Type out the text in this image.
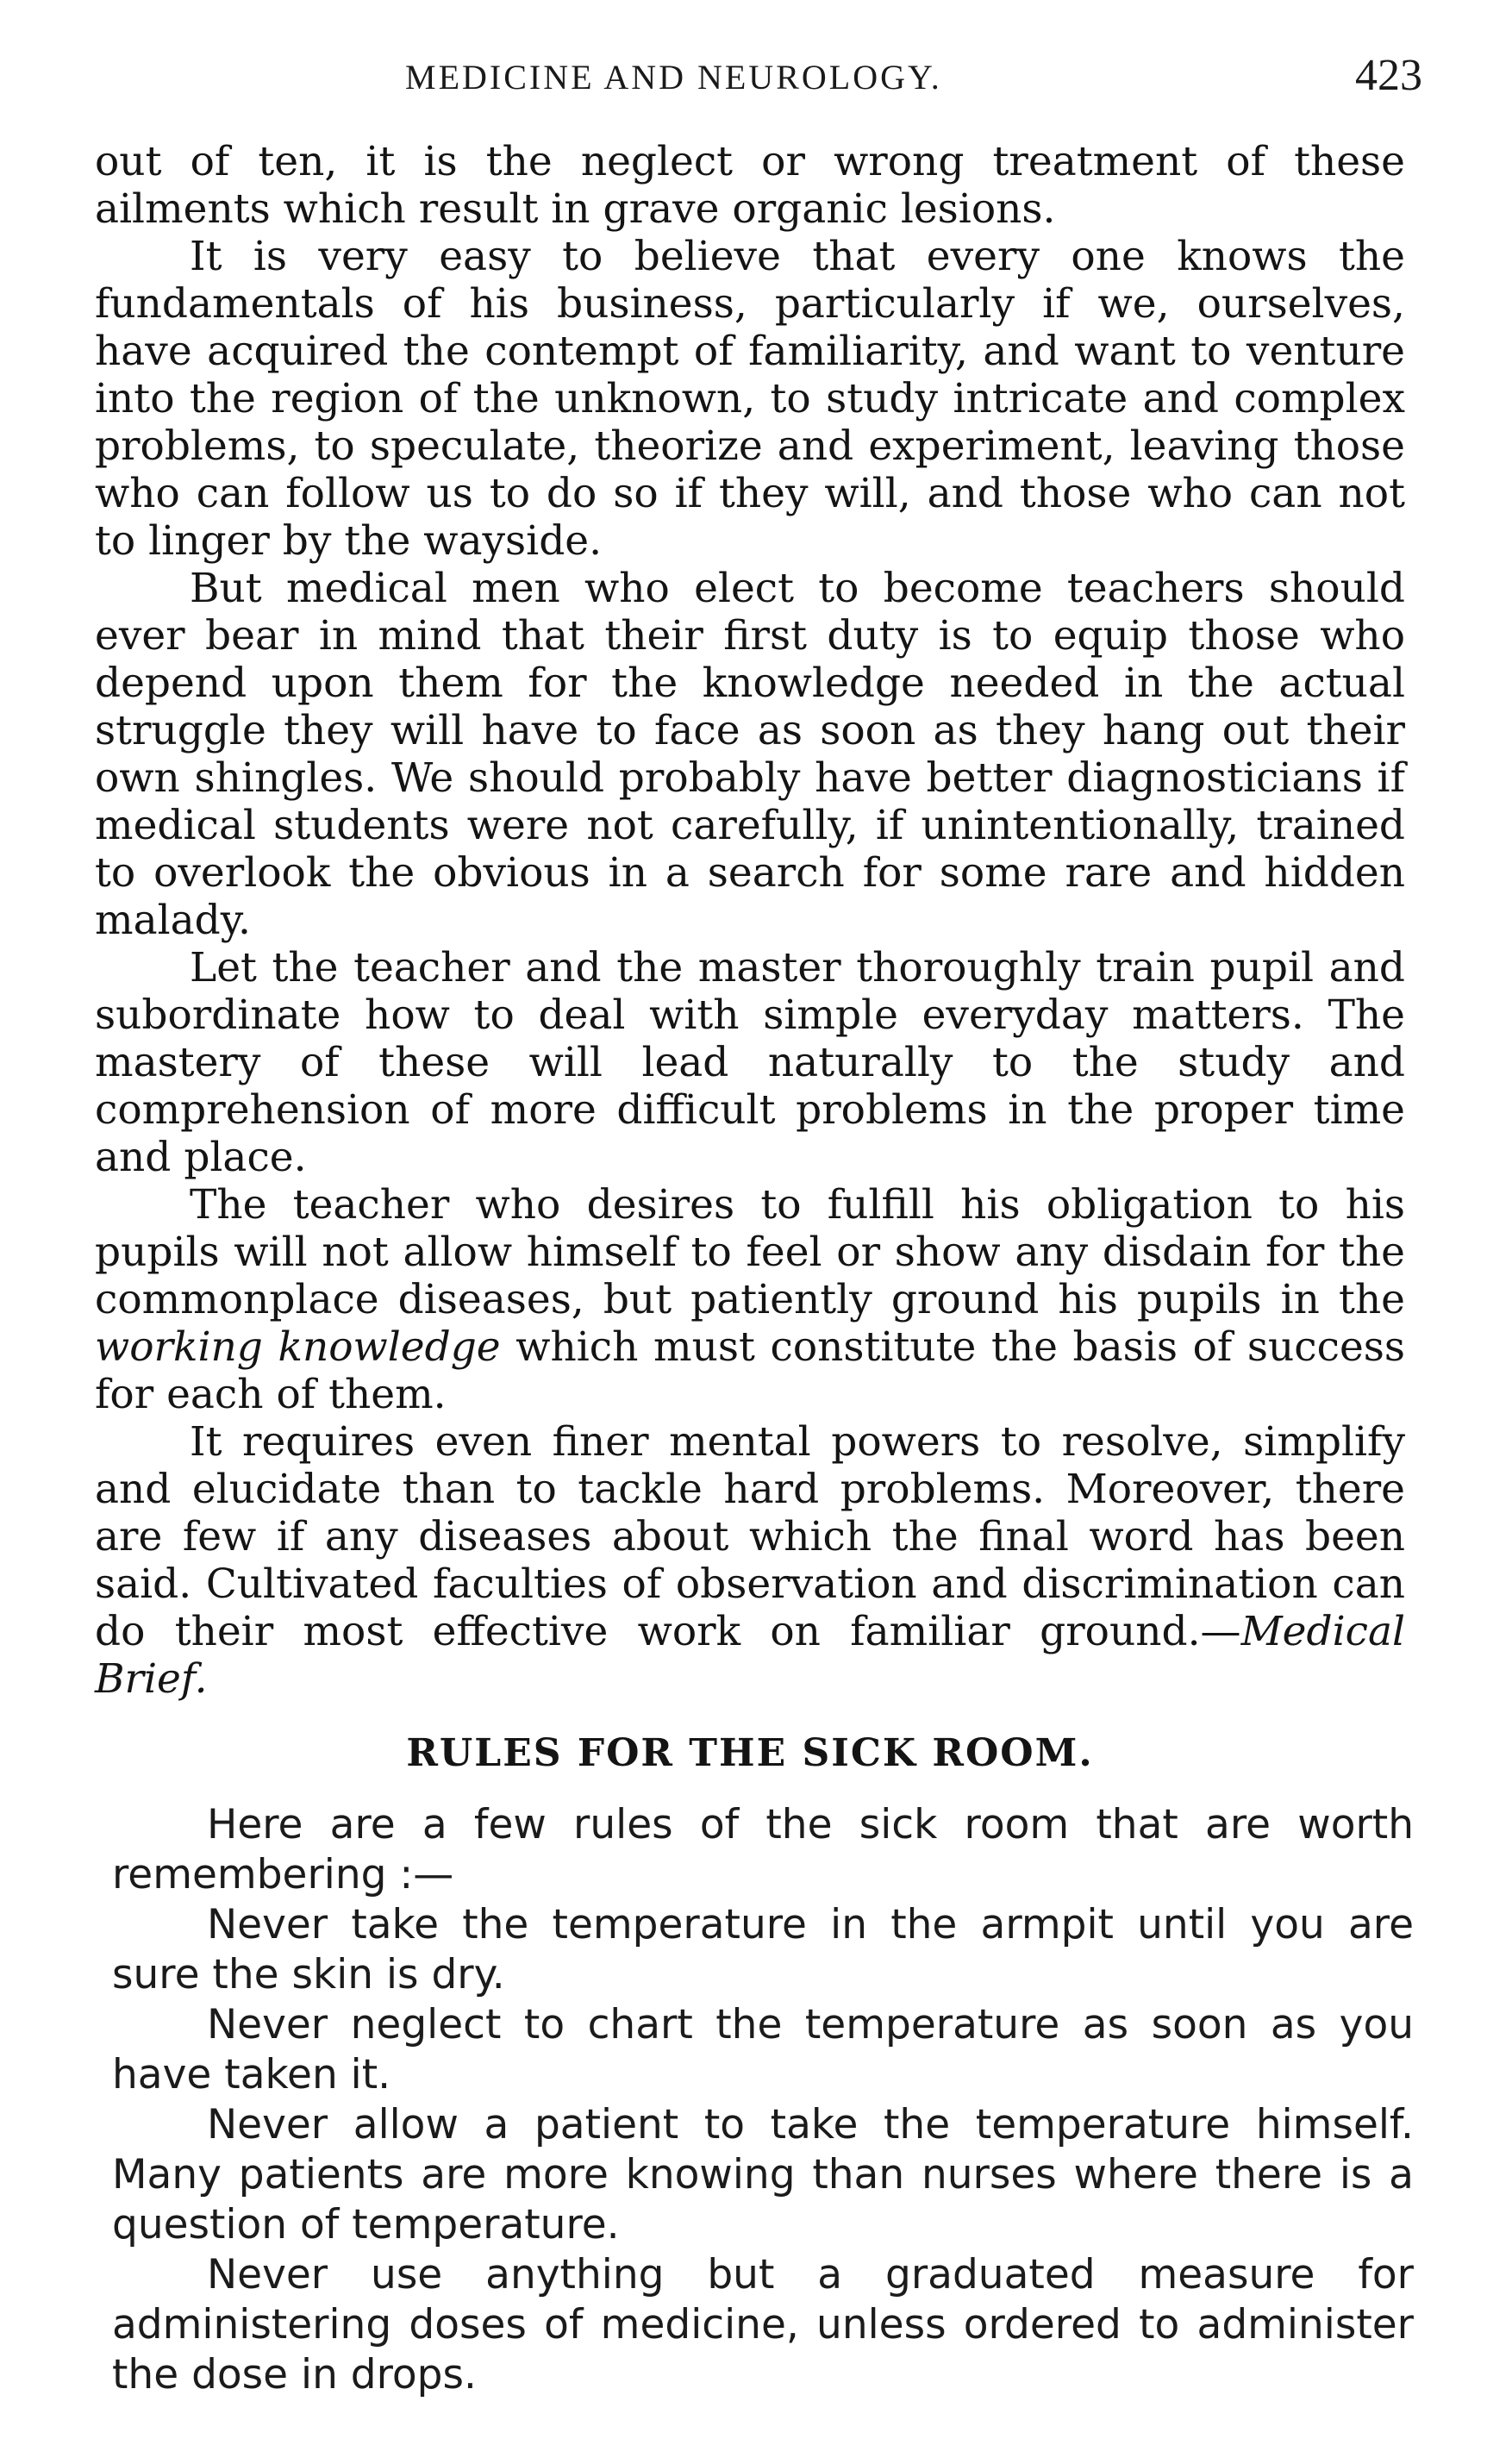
MEDICINE AND NEUROLOGY.	423

out of ten, it is the neglect or wrong treatment of these ailments which result in grave organic lesions.

It is very easy to believe that every one knows the fundamentals of his business, particularly if we, ourselves, have acquired the contempt of familiarity, and want to venture into the region of the unknown, to study intricate and complex problems, to speculate, theorize and experiment, leaving those who can follow us to do so if they will, and those who can not to linger by the wayside.

But medical men who elect to become teachers should ever bear in mind that their first duty is to equip those who depend upon them for the knowledge needed in the actual struggle they will have to face as soon as they hang out their own shingles. We should probably have better diagnosticians if medical students were not carefully, if unintentionally, trained to overlook the obvious in a search for some rare and hidden malady.

Let the teacher and the master thoroughly train pupil and subordinate how to deal with simple everyday matters. The mastery of these will lead naturally to the study and comprehension of more difficult problems in the proper time and place.

The teacher who desires to fulfill his obligation to his pupils will not allow himself to feel or show any disdain for the commonplace diseases, but patiently ground his pupils in the working knowledge which must constitute the basis of success for each of them.

It requires even finer mental powers to resolve, simplify and elucidate than to tackle hard problems. Moreover, there are few if any diseases about which the final word has been said. Cultivated faculties of observation and discrimination can do their most effective work on familiar ground.—Medical Brief.

RULES FOR THE SICK ROOM.

Here are a few rules of the sick room that are worth remembering :—

Never take the temperature in the armpit until you are sure the skin is dry.

Never neglect to chart the temperature as soon as you have taken it.

Never allow a patient to take the temperature himself. Many patients are more knowing than nurses where there is a question of temperature.

Never use anything but a graduated measure for administering doses of medicine, unless ordered to administer the dose in drops.
